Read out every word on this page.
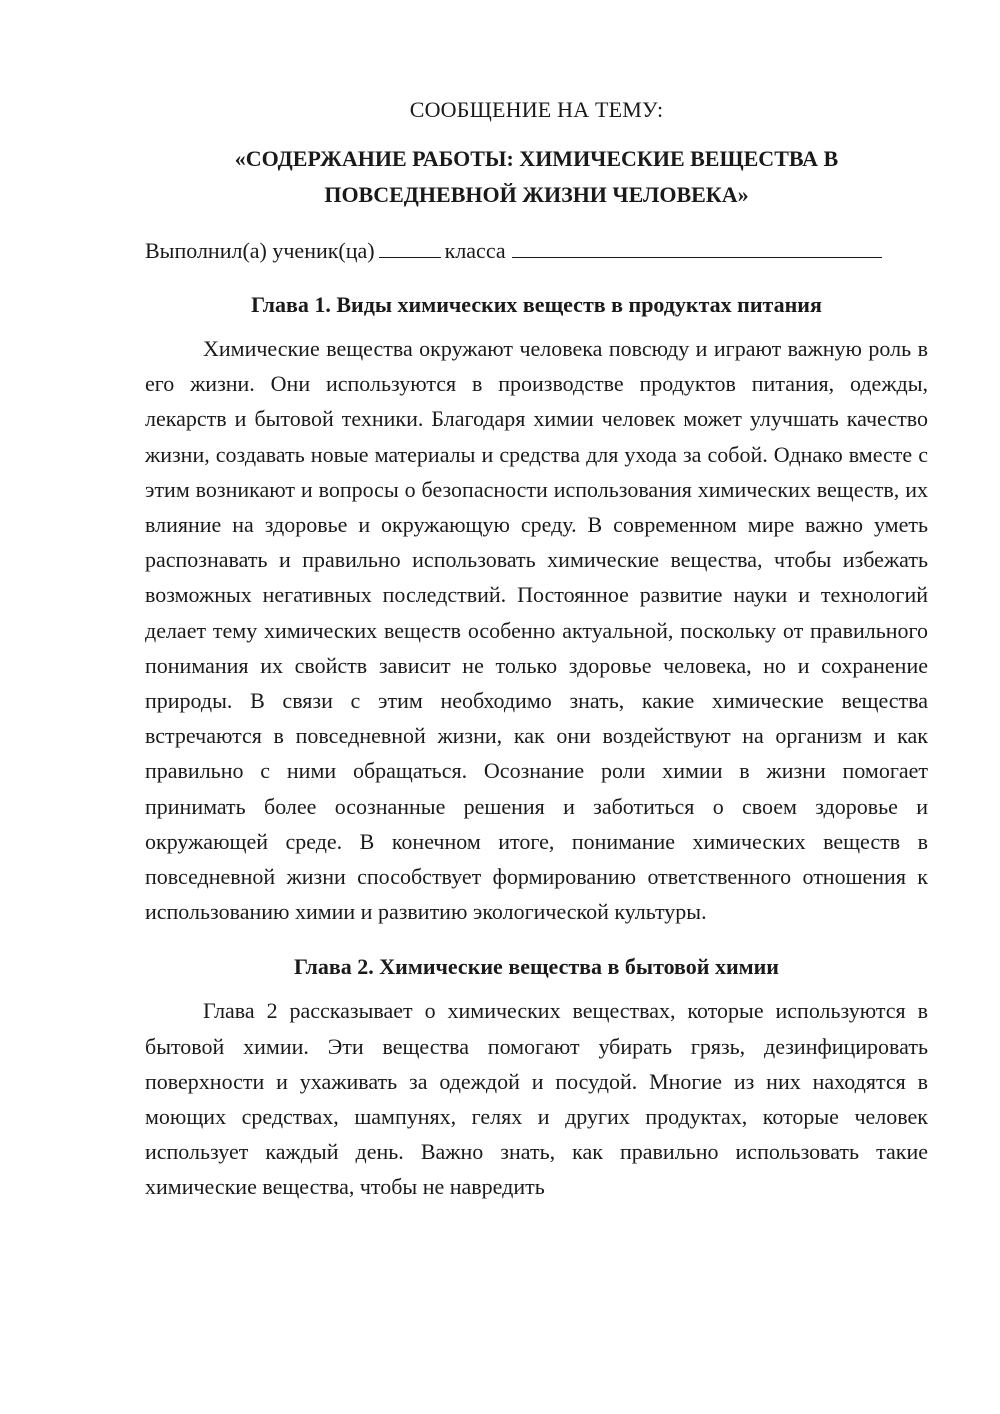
СООБЩЕНИЕ НА ТЕМУ:

«СОДЕРЖАНИЕ РАБОТЫ: ХИМИЧЕСКИЕ ВЕЩЕСТВА В ПОВСЕДНЕВНОЙ ЖИЗНИ ЧЕЛОВЕКА»

Выполнил(а) ученик(ца)	класса

Глава 1. Виды химических веществ в продуктах питания

Химические вещества окружают человека повсюду и играют важную роль в его жизни. Они используются в производстве продуктов питания, одежды, лекарств и бытовой техники. Благодаря химии человек может улучшать качество жизни, создавать новые материалы и средства для ухода за собой. Однако вместе с этим возникают и вопросы о безопасности использования химических веществ, их влияние на здоровье и окружающую среду. В современном мире важно уметь распознавать и правильно использовать химические вещества, чтобы избежать возможных негативных последствий. Постоянное развитие науки и технологий делает тему химических веществ особенно актуальной, поскольку от правильного понимания их свойств зависит не только здоровье человека, но и сохранение природы. В связи с этим необходимо знать, какие химические вещества встречаются в повседневной жизни, как они воздействуют на организм и как правильно с ними обращаться. Осознание роли химии в жизни помогает принимать более осознанные решения и заботиться о своем здоровье и окружающей среде. В конечном итоге, понимание химических веществ в повседневной жизни способствует формированию ответственного отношения к использованию химии и развитию экологической культуры.

Глава 2. Химические вещества в бытовой химии

Глава 2 рассказывает о химических веществах, которые используются в бытовой химии. Эти вещества помогают убирать грязь, дезинфицировать поверхности и ухаживать за одеждой и посудой. Многие из них находятся в моющих средствах, шампунях, гелях и других продуктах, которые человек использует каждый день. Важно знать, как правильно использовать такие химические вещества, чтобы не навредить
